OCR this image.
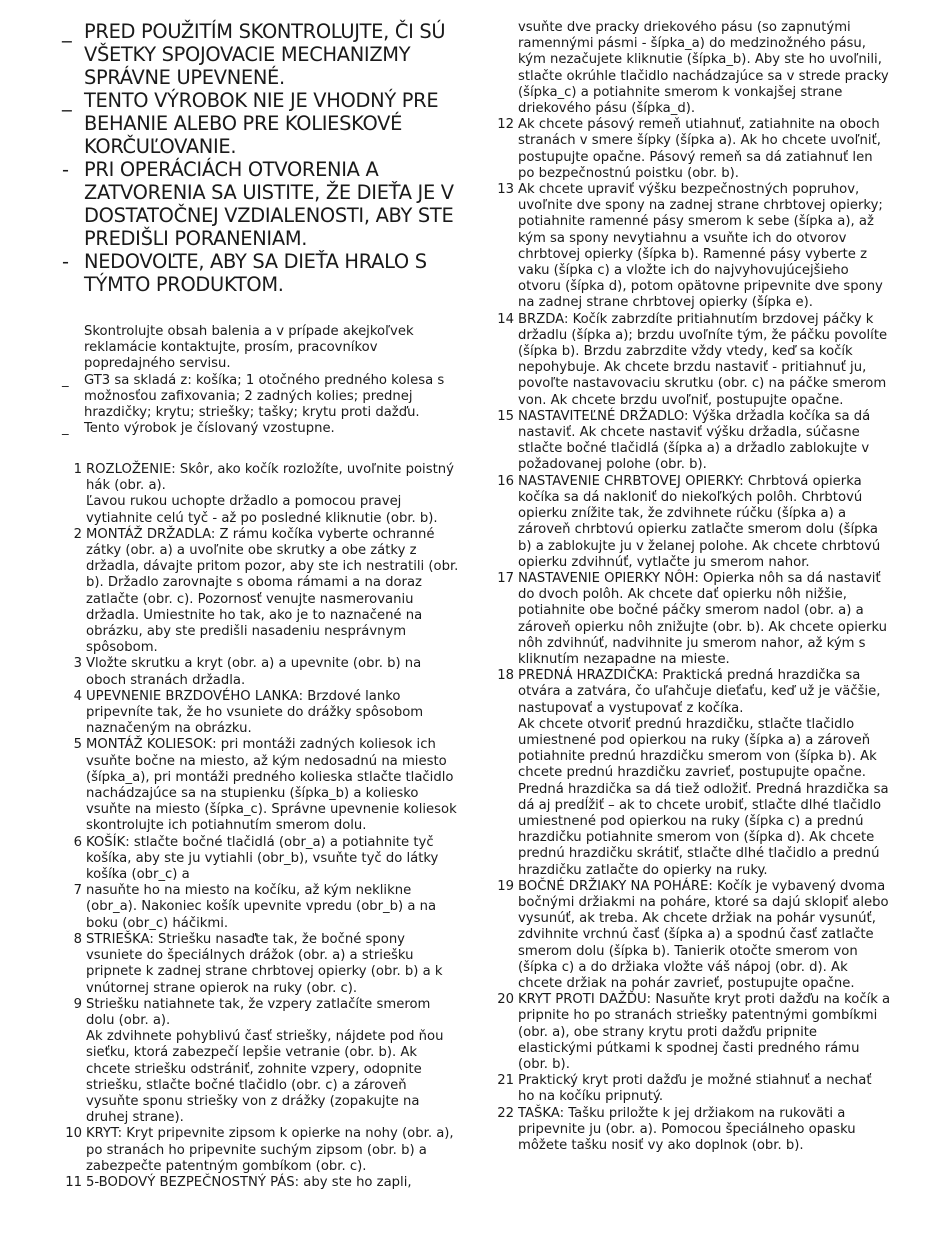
_ PRED POUŽITÍM SKONTROLUJTE, ČI SÚ VŠETKY SPOJOVACIE MECHANIZMY SPRÁVNE UPEVNENÉ.
_ TENTO VÝROBOK NIE JE VHODNÝ PRE BEHANIE ALEBO PRE KOLIESKOVÉ KORČUĽOVANIE.
- PRI OPERÁCIÁCH OTVORENIA A ZATVORENIA SA UISTITE, ŽE DIEŤA JE V DOSTATOČNEJ VZDIALENOSTI, ABY STE PREDIŠLI PORANENIAM.
- NEDOVOĽTE, ABY SA DIEŤA HRALO S TÝMTO PRODUKTOM.
Skontrolujte obsah balenia a v prípade akejkoľvek reklamácie kontaktujte, prosím, pracovníkov popredajného servisu.
_	GT3 sa skladá z: košíka; 1 otočného predného kolesa s možnosťou zafixovania; 2 zadných kolies; prednej hrazdičky; krytu; striešky; tašky; krytu proti dažďu.
_	Tento výrobok je číslovaný vzostupne.
1 ROZLOŽENIE: Skôr, ako kočík rozložíte, uvoľnite poistný hák (obr. a).
Ľavou rukou uchopte držadlo a pomocou pravej vytiahnite celú tyč - až po posledné kliknutie (obr. b).
2 MONTÁŽ DRŽADLA: Z rámu kočíka vyberte ochranné zátky (obr. a) a uvoľnite obe skrutky a obe zátky z držadla, dávajte pritom pozor, aby ste ich nestratili (obr. b). Držadlo zarovnajte s oboma rámami a na doraz zatlačte (obr. c). Pozornosť venujte nasmerovaniu držadla. Umiestnite ho tak, ako je to naznačené na obrázku, aby ste predišli nasadeniu nesprávnym spôsobom.
3 Vložte skrutku a kryt (obr. a) a upevnite (obr. b) na oboch stranách držadla.
4 UPEVNENIE BRZDOVÉHO LANKA: Brzdové lanko pripevníte tak, že ho vsuniete do drážky spôsobom naznačeným na obrázku.
5 MONTÁŽ KOLIESOK: pri montáži zadných koliesok ich vsuňte bočne na miesto, až kým nedosadnú na miesto (šípka_a), pri montáži predného kolieska stlačte tlačidlo nachádzajúce sa na stupienku (šípka_b) a koliesko vsuňte na miesto (šípka_c). Správne upevnenie koliesok skontrolujte ich potiahnutím smerom dolu.
6 KOŠÍK: stlačte bočné tlačidlá (obr_a) a potiahnite tyč košíka, aby ste ju vytiahli (obr_b), vsuňte tyč do látky košíka (obr_c) a
7 nasuňte ho na miesto na kočíku, až kým neklikne (obr_a). Nakoniec košík upevnite vpredu (obr_b) a na boku (obr_c) háčikmi.
8 STRIEŠKA: Striešku nasaďte tak, že bočné spony vsuniete do špeciálnych drážok (obr. a) a striešku pripnete k zadnej strane chrbtovej opierky (obr. b) a k vnútornej strane opierok na ruky (obr. c).
9 Striešku natiahnete tak, že vzpery zatlačíte smerom dolu (obr. a).
Ak zdvihnete pohyblivú časť striešky, nájdete pod ňou sieťku, ktorá zabezpečí lepšie vetranie (obr. b). Ak chcete striešku odstrániť, zohnite vzpery, odopnite striešku, stlačte bočné tlačidlo (obr. c) a zároveň vysuňte sponu striešky von z drážky (zopakujte na druhej strane).
10 KRYT: Kryt pripevnite zipsom k opierke na nohy (obr. a), po stranách ho pripevnite suchým zipsom (obr. b) a zabezpečte patentným gombíkom (obr. c).
11 5-BODOVÝ BEZPEČNOSTNÝ PÁS: aby ste ho zapli,
vsuňte dve pracky driekového pásu (so zapnutými ramennými pásmi - šípka_a) do medzinožného pásu, kým nezačujete kliknutie (šípka_b). Aby ste ho uvoľnili, stlačte okrúhle tlačidlo nachádzajúce sa v strede pracky (šípka_c) a potiahnite smerom k vonkajšej strane driekového pásu (šípka_d).
12 Ak chcete pásový remeň utiahnuť, zatiahnite na oboch stranách v smere šípky (šípka a). Ak ho chcete uvoľniť, postupujte opačne. Pásový remeň sa dá zatiahnuť len po bezpečnostnú poistku (obr. b).
13 Ak chcete upraviť výšku bezpečnostných popruhov, uvoľnite dve spony na zadnej strane chrbtovej opierky; potiahnite ramenné pásy smerom k sebe (šípka a), až kým sa spony nevytiahnu a vsuňte ich do otvorov chrbtovej opierky (šípka b). Ramenné pásy vyberte z vaku (šípka c) a vložte ich do najvyhovujúcejšieho otvoru (šípka d), potom opätovne pripevnite dve spony na zadnej strane chrbtovej opierky (šípka e).
14 BRZDA: Kočík zabrzdíte pritiahnutím brzdovej páčky k držadlu (šípka a); brzdu uvoľníte tým, že páčku povolíte (šípka b). Brzdu zabrzdite vždy vtedy, keď sa kočík nepohybuje. Ak chcete brzdu nastaviť - pritiahnuť ju, povoľte nastavovaciu skrutku (obr. c) na páčke smerom von. Ak chcete brzdu uvoľniť, postupujte opačne.
15 NASTAVITEĽNÉ DRŽADLO: Výška držadla kočíka sa dá nastaviť. Ak chcete nastaviť výšku držadla, súčasne stlačte bočné tlačidlá (šípka a) a držadlo zablokujte v požadovanej polohe (obr. b).
16 NASTAVENIE CHRBTOVEJ OPIERKY: Chrbtová opierka kočíka sa dá nakloniť do niekoľkých polôh. Chrbtovú opierku znížite tak, že zdvihnete rúčku (šípka a) a zároveň chrbtovú opierku zatlačte smerom dolu (šípka b) a zablokujte ju v želanej polohe. Ak chcete chrbtovú opierku zdvihnúť, vytlačte ju smerom nahor.
17 NASTAVENIE OPIERKY NÔH: Opierka nôh sa dá nastaviť do dvoch polôh. Ak chcete dať opierku nôh nižšie, potiahnite obe bočné páčky smerom nadol (obr. a) a zároveň opierku nôh znižujte (obr. b). Ak chcete opierku nôh zdvihnúť, nadvihnite ju smerom nahor, až kým s kliknutím nezapadne na mieste.
18 PREDNÁ HRAZDIČKA: Praktická predná hrazdička sa otvára a zatvára, čo uľahčuje dieťaťu, keď už je väčšie, nastupovať a vystupovať z kočíka.
Ak chcete otvoriť prednú hrazdičku, stlačte tlačidlo umiestnené pod opierkou na ruky (šípka a) a zároveň potiahnite prednú hrazdičku smerom von (šípka b). Ak chcete prednú hrazdičku zavrieť, postupujte opačne. Predná hrazdička sa dá tiež odložiť. Predná hrazdička sa dá aj predĺžiť – ak to chcete urobiť, stlačte dlhé tlačidlo umiestnené pod opierkou na ruky (šípka c) a prednú hrazdičku potiahnite smerom von (šípka d). Ak chcete prednú hrazdičku skrátiť, stlačte dlhé tlačidlo a prednú hrazdičku zatlačte do opierky na ruky.
19 BOČNÉ DRŽIAKY NA POHÁRE: Kočík je vybavený dvoma bočnými držiakmi na poháre, ktoré sa dajú sklopiť alebo vysunúť, ak treba. Ak chcete držiak na pohár vysunúť, zdvihnite vrchnú časť (šípka a) a spodnú časť zatlačte smerom dolu (šípka b). Tanierik otočte smerom von (šípka c) a do držiaka vložte váš nápoj (obr. d). Ak chcete držiak na pohár zavrieť, postupujte opačne.
20 KRYT PROTI DAŽĎU: Nasuňte kryt proti dažďu na kočík a pripnite ho po stranách striešky patentnými gombíkmi (obr. a), obe strany krytu proti dažďu pripnite elastickými pútkami k spodnej časti predného rámu (obr. b).
21 Praktický kryt proti dažďu je možné stiahnuť a nechať ho na kočíku pripnutý.
22 TAŠKA: Tašku priložte k jej držiakom na rukoväti a pripevnite ju (obr. a). Pomocou špeciálneho opasku môžete tašku nosiť vy ako doplnok (obr. b).
